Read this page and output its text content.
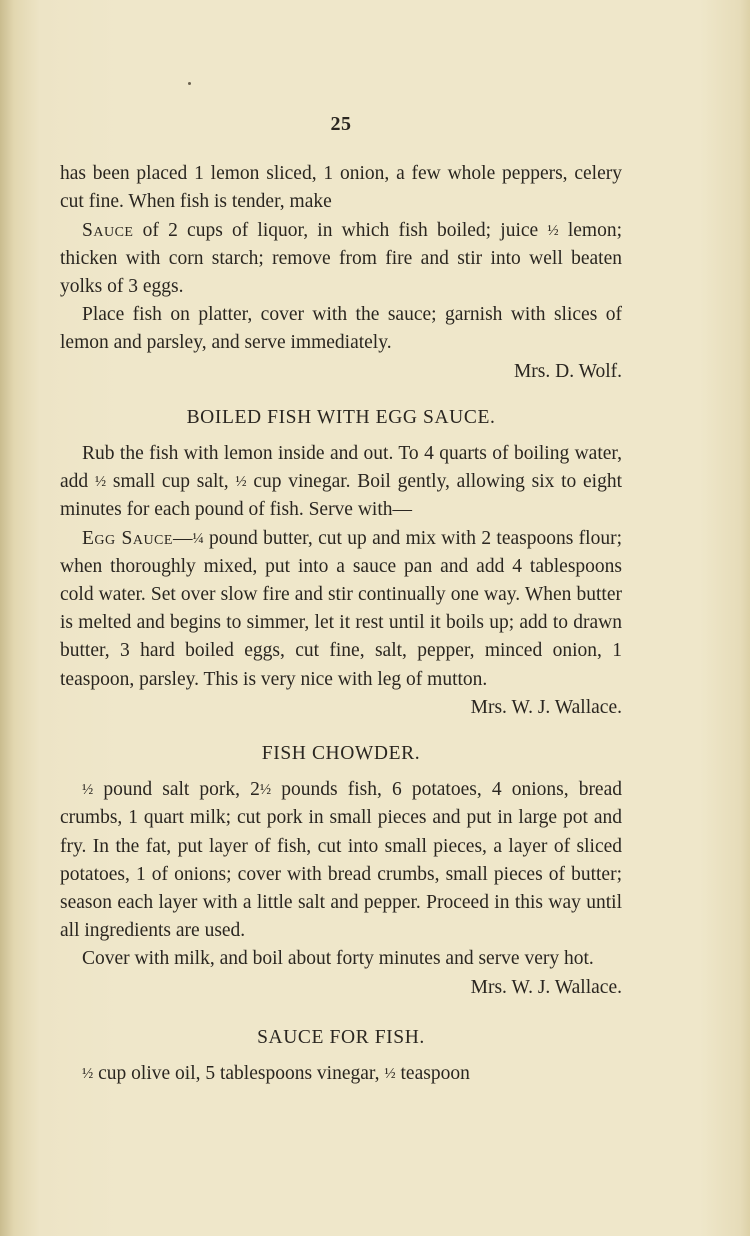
25

has been placed 1 lemon sliced, 1 onion, a few whole peppers, celery cut fine. When fish is tender, make

Sauce of 2 cups of liquor, in which fish boiled; juice ½ lemon; thicken with corn starch; remove from fire and stir into well beaten yolks of 3 eggs.

Place fish on platter, cover with the sauce; garnish with slices of lemon and parsley, and serve immediately.

Mrs. D. Wolf.

BOILED FISH WITH EGG SAUCE.

Rub the fish with lemon inside and out. To 4 quarts of boiling water, add ½ small cup salt, ½ cup vinegar. Boil gently, allowing six to eight minutes for each pound of fish. Serve with—

Egg Sauce—¼ pound butter, cut up and mix with 2 teaspoons flour; when thoroughly mixed, put into a sauce pan and add 4 tablespoons cold water. Set over slow fire and stir continually one way. When butter is melted and begins to simmer, let it rest until it boils up; add to drawn butter, 3 hard boiled eggs, cut fine, salt, pepper, minced onion, 1 teaspoon, parsley. This is very nice with leg of mutton.
Mrs. W. J. Wallace.

FISH CHOWDER.

½ pound salt pork, 2½ pounds fish, 6 potatoes, 4 onions, bread crumbs, 1 quart milk; cut pork in small pieces and put in large pot and fry. In the fat, put layer of fish, cut into small pieces, a layer of sliced potatoes, 1 of onions; cover with bread crumbs, small pieces of butter; season each layer with a little salt and pepper. Proceed in this way until all ingredients are used.

Cover with milk, and boil about forty minutes and serve very hot.
Mrs. W. J. Wallace.

SAUCE FOR FISH.

½ cup olive oil, 5 tablespoons vinegar, ½ teaspoon
